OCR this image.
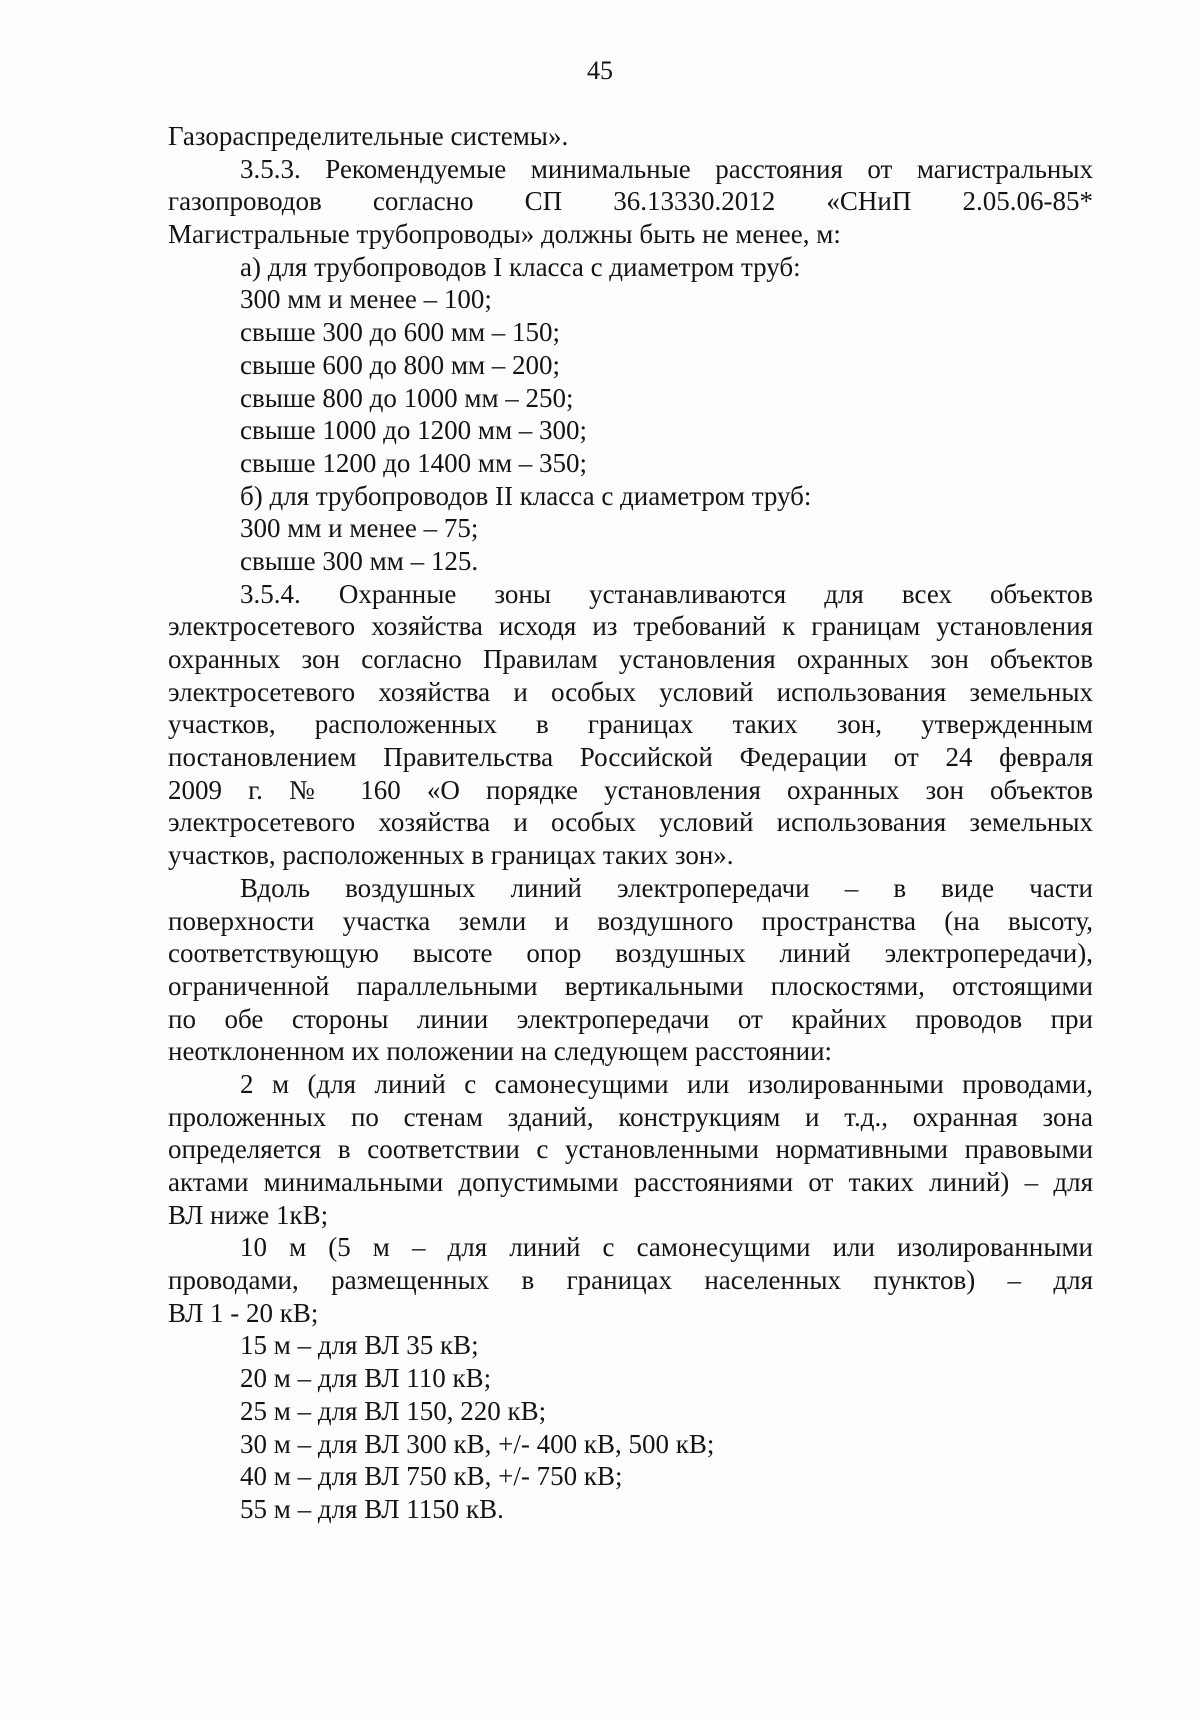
45
Газораспределительные системы».
3.5.3. Рекомендуемые минимальные расстояния от магистральных
газопроводов согласно СП 36.13330.2012 «СНиП 2.05.06-85*
Магистральные трубопроводы» должны быть не менее, м:
а) для трубопроводов I класса с диаметром труб:
300 мм и менее – 100;
свыше 300 до 600 мм – 150;
свыше 600 до 800 мм – 200;
свыше 800 до 1000 мм – 250;
свыше 1000 до 1200 мм – 300;
свыше 1200 до 1400 мм – 350;
б) для трубопроводов II класса с диаметром труб:
300 мм и менее – 75;
свыше 300 мм – 125.
3.5.4. Охранные зоны устанавливаются для всех объектов
электросетевого хозяйства исходя из требований к границам установления
охранных зон согласно Правилам установления охранных зон объектов
электросетевого хозяйства и особых условий использования земельных
участков, расположенных в границах таких зон, утвержденным
постановлением Правительства Российской Федерации от 24 февраля
2009 г. № 160 «О порядке установления охранных зон объектов
электросетевого хозяйства и особых условий использования земельных
участков, расположенных в границах таких зон».
Вдоль воздушных линий электропередачи – в виде части
поверхности участка земли и воздушного пространства (на высоту,
соответствующую высоте опор воздушных линий электропередачи),
ограниченной параллельными вертикальными плоскостями, отстоящими
по обе стороны линии электропередачи от крайних проводов при
неотклоненном их положении на следующем расстоянии:
2 м (для линий с самонесущими или изолированными проводами,
проложенных по стенам зданий, конструкциям и т.д., охранная зона
определяется в соответствии с установленными нормативными правовыми
актами минимальными допустимыми расстояниями от таких линий) – для
ВЛ ниже 1кВ;
10 м (5 м – для линий с самонесущими или изолированными
проводами, размещенных в границах населенных пунктов) – для
ВЛ 1 - 20 кВ;
15 м – для ВЛ 35 кВ;
20 м – для ВЛ 110 кВ;
25 м – для ВЛ 150, 220 кВ;
30 м – для ВЛ 300 кВ, +/- 400 кВ, 500 кВ;
40 м – для ВЛ 750 кВ, +/- 750 кВ;
55 м – для ВЛ 1150 кВ.
